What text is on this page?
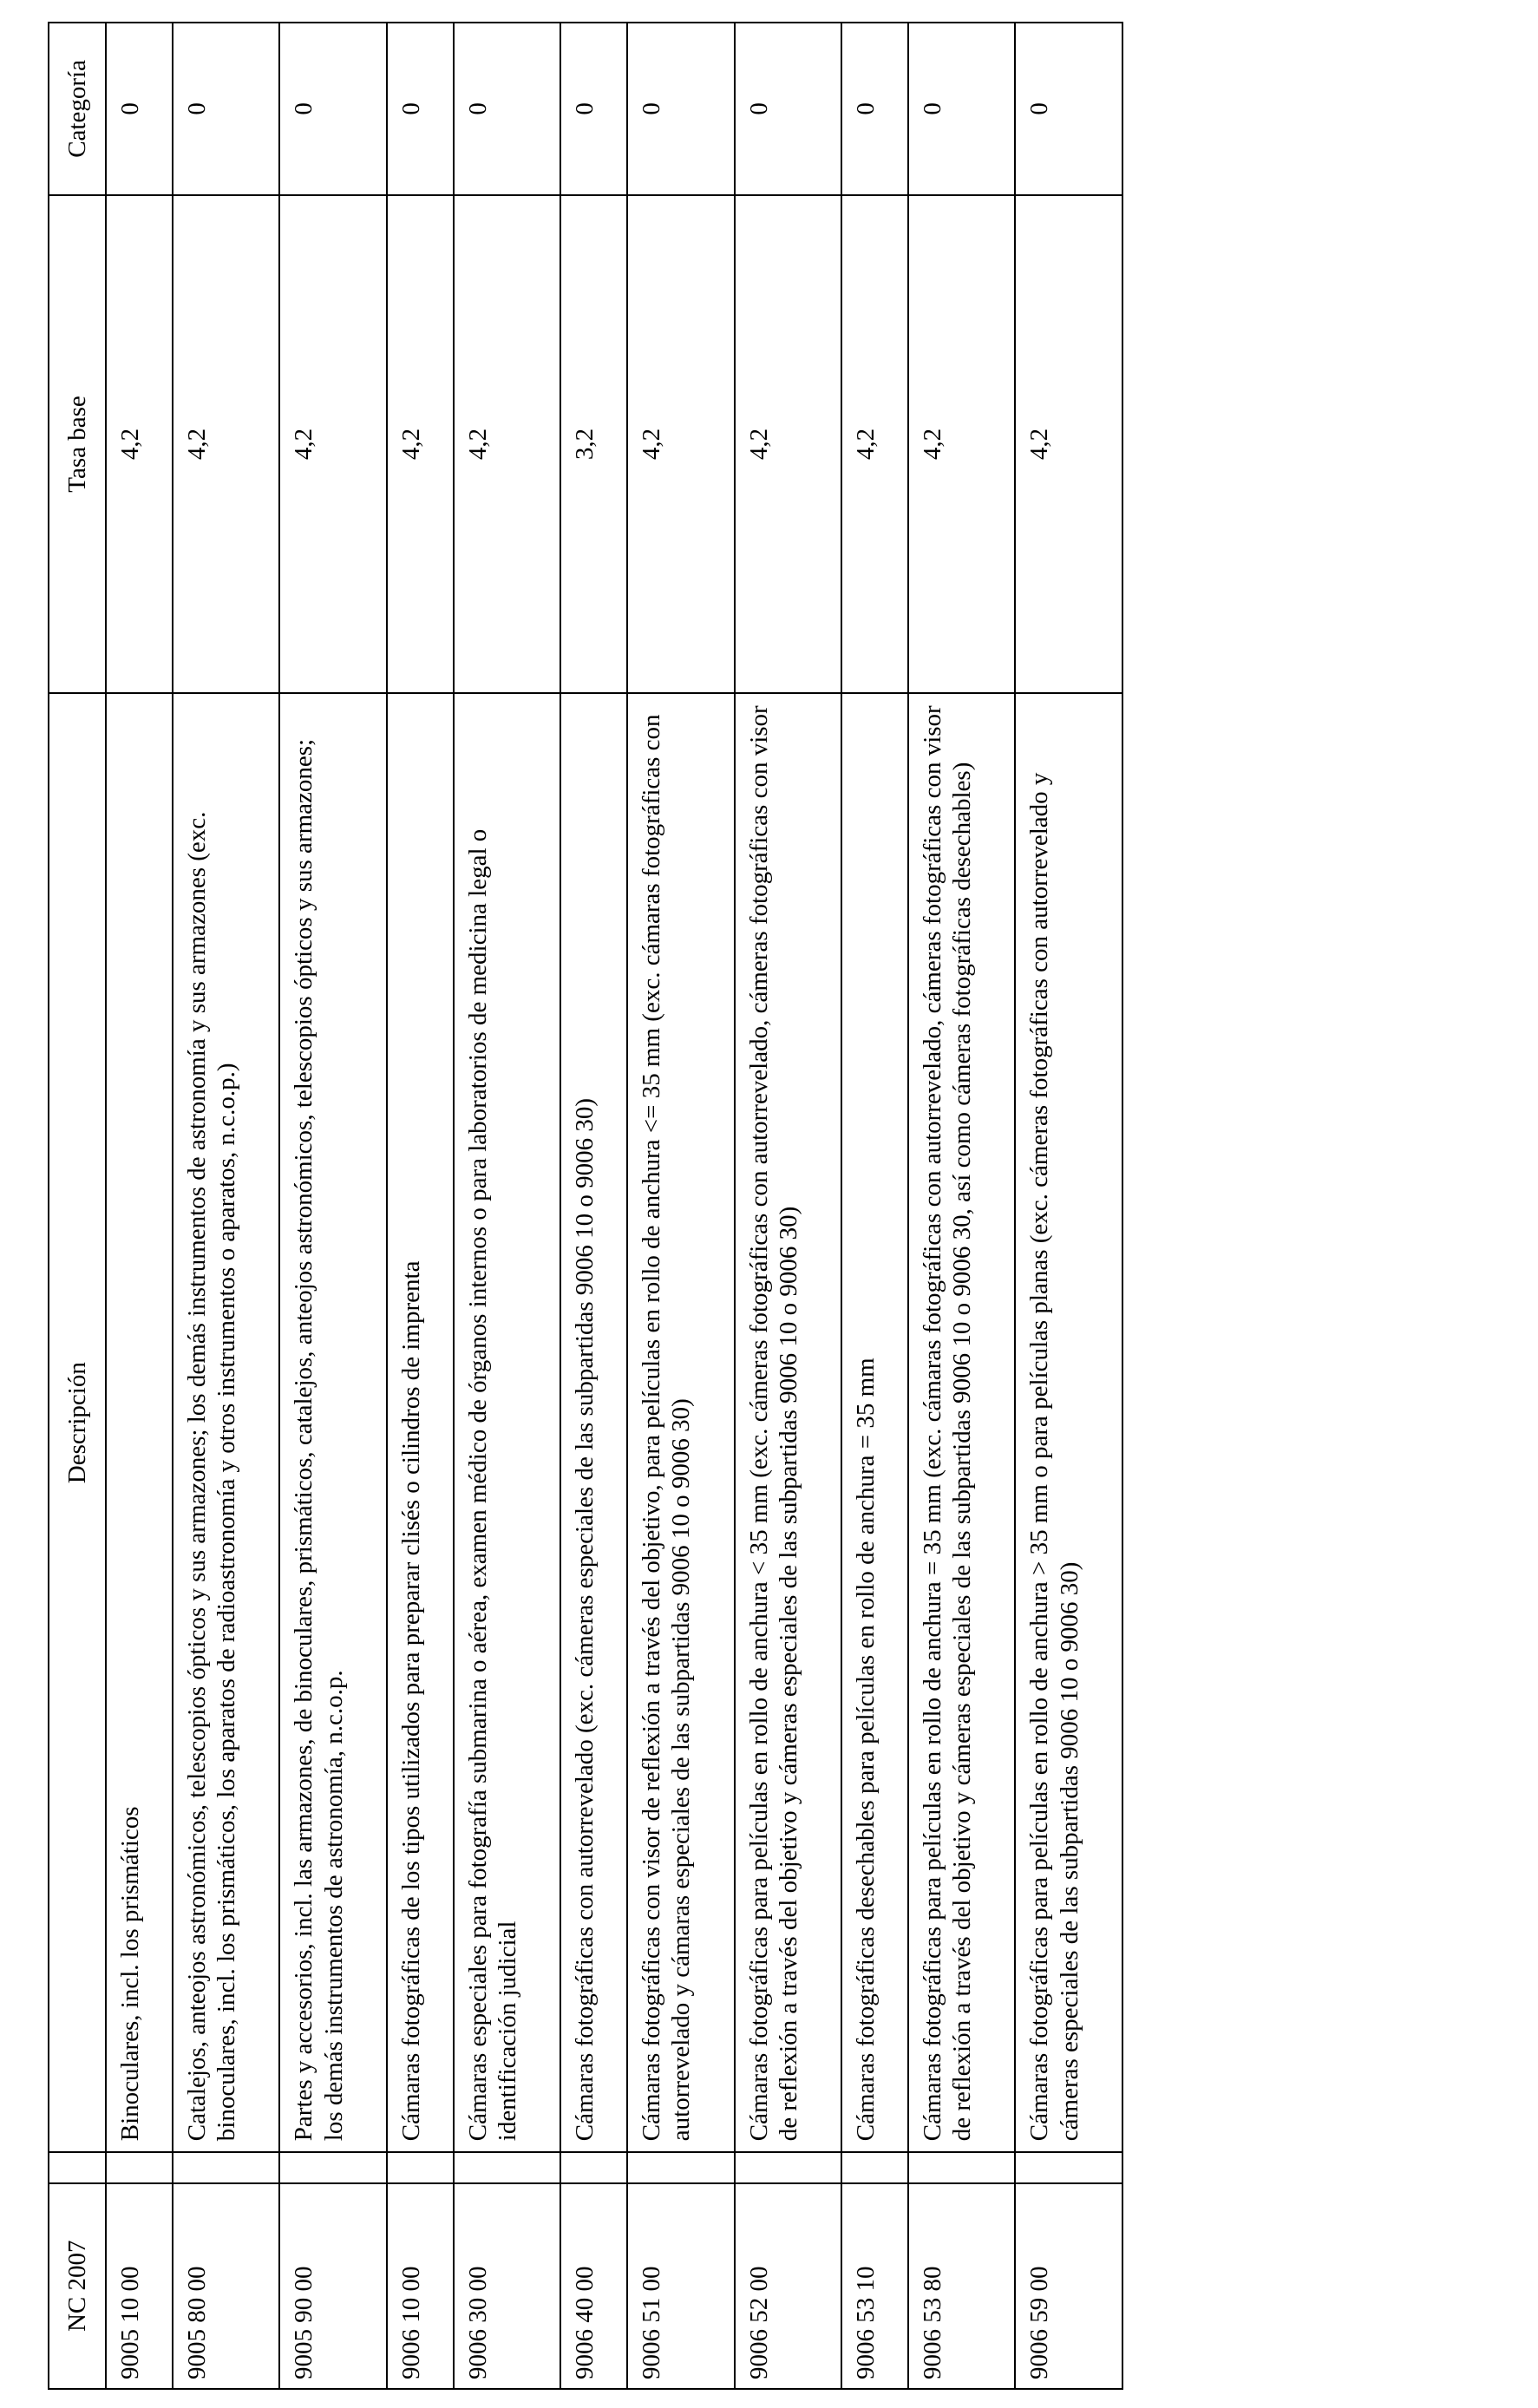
NC 2007		Descripción	Tasa base	Categoría
9005 10 00		Binoculares, incl. los prismáticos	4,2	0
9005 80 00		Catalejos, anteojos astronómicos, telescopios ópticos y sus armazones; los demás instrumentos de astronomía y sus armazones (exc. binoculares, incl. los prismáticos, los aparatos de radioastronomía y otros instrumentos o aparatos, n.c.o.p.)	4,2	0
9005 90 00		Partes y accesorios, incl. las armazones, de binoculares, prismáticos, catalejos, anteojos astronómicos, telescopios ópticos y sus armazones; los demás instrumentos de astronomía, n.c.o.p.	4,2	0
9006 10 00		Cámaras fotográficas de los tipos utilizados para preparar clisés o cilindros de imprenta	4,2	0
9006 30 00		Cámaras especiales para fotografía submarina o aérea, examen médico de órganos internos o para laboratorios de medicina legal o identificación judicial	4,2	0
9006 40 00		Cámaras fotográficas con autorrevelado (exc. cámeras especiales de las subpartidas 9006 10 o 9006 30)	3,2	0
9006 51 00		Cámaras fotográficas con visor de reflexión a través del objetivo, para películas en rollo de anchura <= 35 mm (exc. cámaras fotográficas con autorrevelado y cámaras especiales de las subpartidas 9006 10 o 9006 30)	4,2	0
9006 52 00		Cámaras fotográficas para películas en rollo de anchura < 35 mm (exc. cámeras fotográficas con autorrevelado, cámeras fotográficas con visor de reflexión a través del objetivo y cámeras especiales de las subpartidas 9006 10 o 9006 30)	4,2	0
9006 53 10		Cámaras fotográficas desechables para películas en rollo de anchura = 35 mm	4,2	0
9006 53 80		Cámaras fotográficas para películas en rollo de anchura = 35 mm (exc. cámaras fotográficas con autorrevelado, cámeras fotográficas con visor de reflexión a través del objetivo y cámeras especiales de las subpartidas 9006 10 o 9006 30, así como cámeras fotográficas desechables)	4,2	0
9006 59 00		Cámaras fotográficas para películas en rollo de anchura > 35 mm o para películas planas (exc. cámeras fotográficas con autorrevelado y cámeras especiales de las subpartidas 9006 10 o 9006 30)	4,2	0
